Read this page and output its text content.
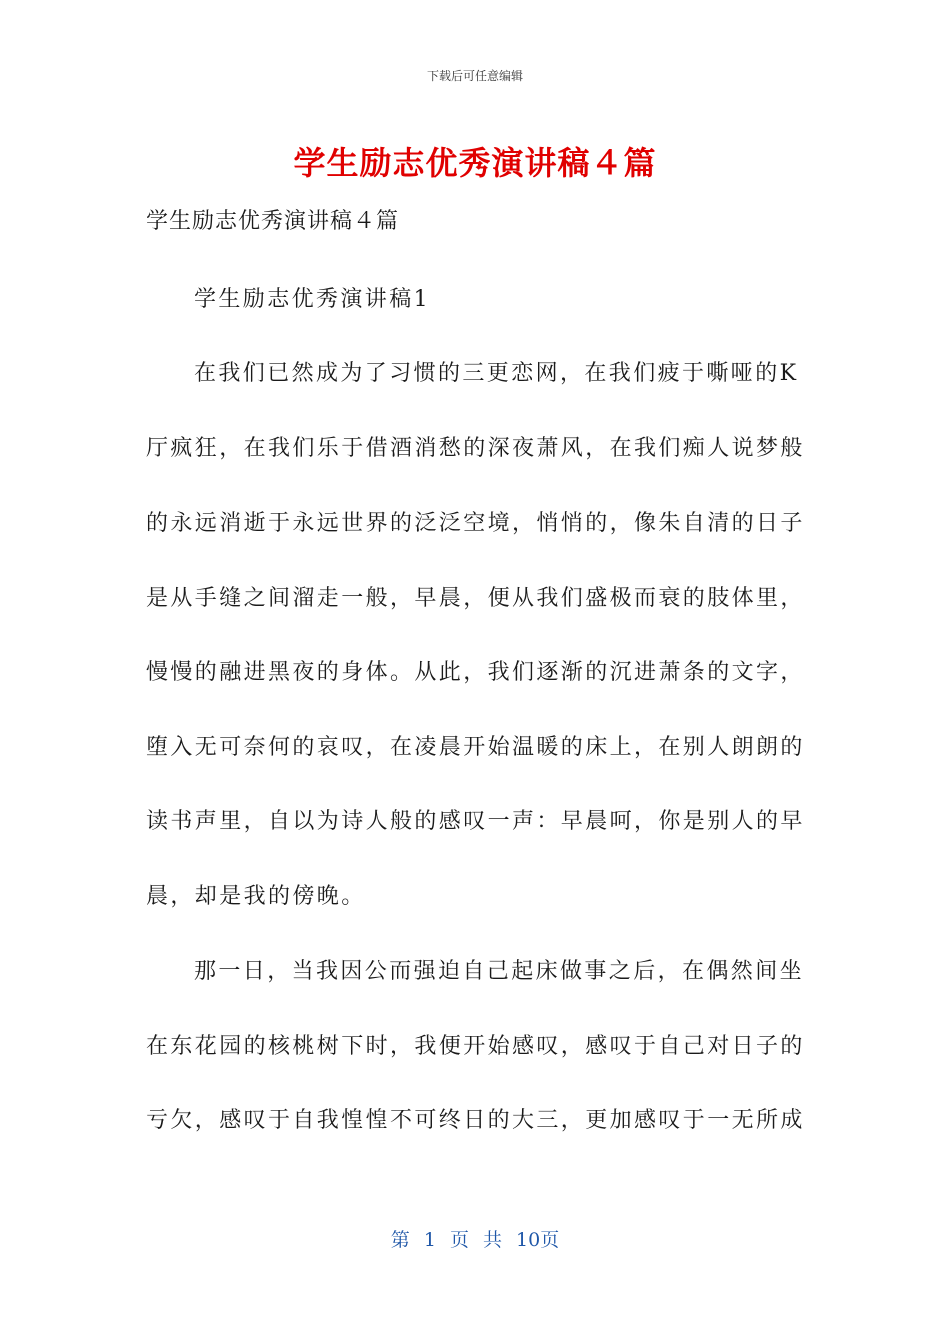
下载后可任意编辑
学生励志优秀演讲稿４篇
学生励志优秀演讲稿４篇
学生励志优秀演讲稿1
在我们已然成为了习惯的三更恋网，在我们疲于嘶哑的K
厅疯狂，在我们乐于借酒消愁的深夜萧风，在我们痴人说梦般
的永远消逝于永远世界的泛泛空境，悄悄的，像朱自清的日子
是从手缝之间溜走一般，早晨，便从我们盛极而衰的肢体里，
慢慢的融进黑夜的身体。从此，我们逐渐的沉进萧条的文字，
堕入无可奈何的哀叹，在凌晨开始温暖的床上，在别人朗朗的
读书声里，自以为诗人般的感叹一声：早晨呵，你是别人的早
晨，却是我的傍晚。
那一日，当我因公而强迫自己起床做事之后，在偶然间坐
在东花园的核桃树下时，我便开始感叹，感叹于自己对日子的
亏欠，感叹于自我惶惶不可终日的大三，更加感叹于一无所成
第 1 页 共 10页
